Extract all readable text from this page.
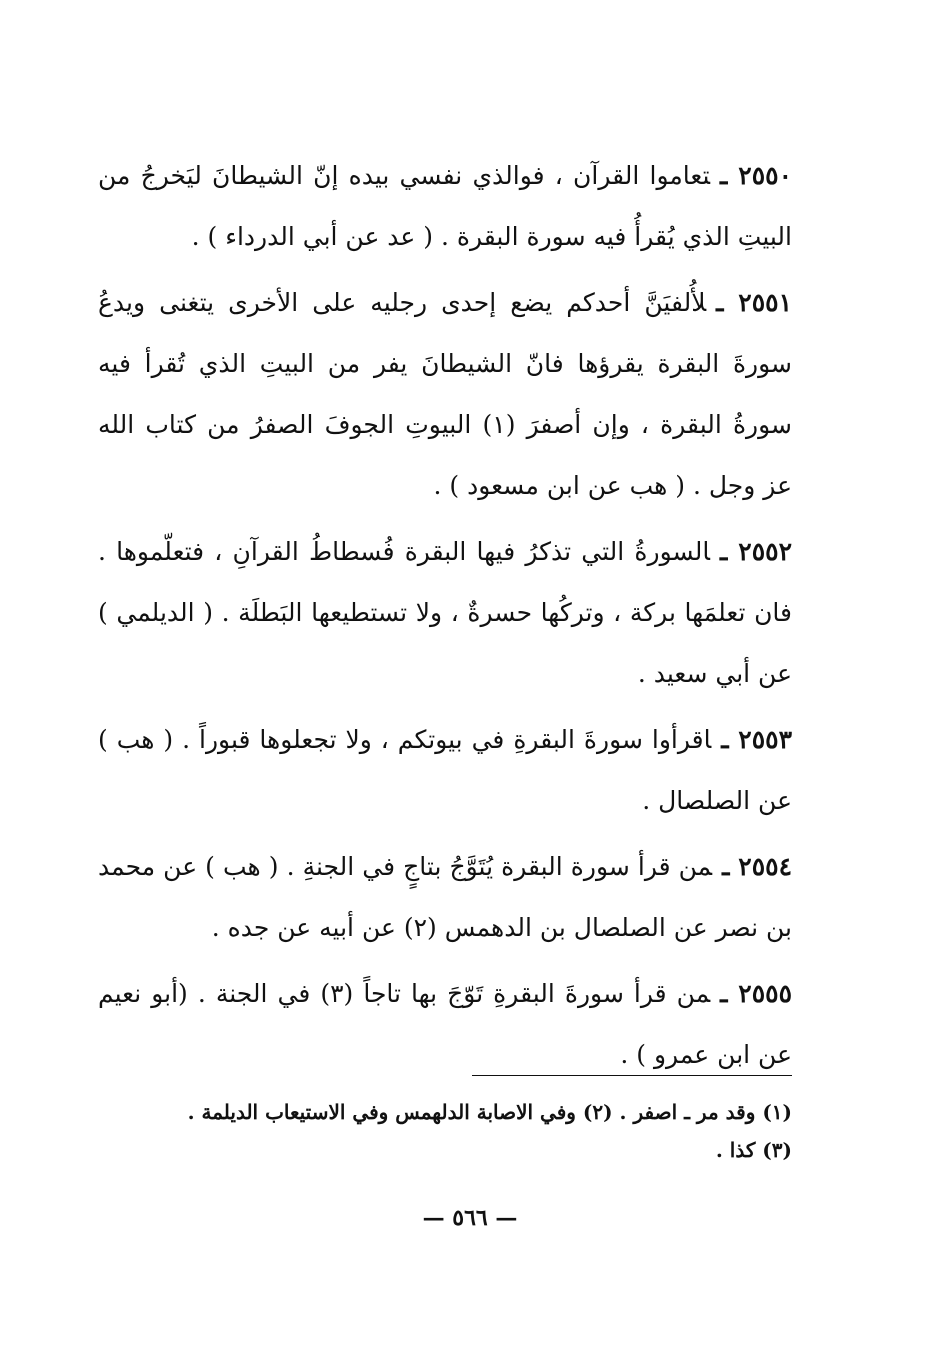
٢٥٥٠ ـتعاموا القرآن ، فوالذي نفسي بيده إنّ الشيطانَ ليَخرجُ من البيتِ الذي يُقرأُ فيه سورة البقرة . ( عد عن أبي الدرداء ) .

٢٥٥١ ـلأُلفيَنَّ أحدكم يضع إحدى رجليه على الأخرى يتغنى ويدعُ سورةَ البقرة يقرؤها فانّ الشيطانَ يفر من البيتِ الذي تُقرأ فيه سورةُ البقرة ، وإن أصفرَ (١) البيوتِ الجوفَ الصفرُ من كتاب الله عز وجل . ( هب عن ابن مسعود ) .

٢٥٥٢ ـالسورةُ التي تذكرُ فيها البقرة فُسطاطُ القرآنِ ، فتعلّموها . فان تعلمَها بركة ، وتركُها حسرةٌ ، ولا تستطيعها البَطلَة . ( الديلمي ) عن أبي سعيد .

٢٥٥٣ ـاقرأوا سورةَ البقرةِ في بيوتكم ، ولا تجعلوها قبوراً . ( هب ) عن الصلصال .

٢٥٥٤ ـمن قرأ سورة البقرة يُتَوَّجُ بتاجٍ في الجنةِ . ( هب ) عن محمد بن نصر عن الصلصال بن الدهمس (٢) عن أبيه عن جده .

٢٥٥٥ ـمن قرأ سورةَ البقرةِ تَوّجَ بها تاجاً (٣) في الجنة . (أبو نعيم عن ابن عمرو ) .

(١) وقد مر ـ اصفر . (٢) وفي الاصابة الدلهمس وفي الاستيعاب الديلمة .

(٣) كذا .

— ٥٦٦ —
